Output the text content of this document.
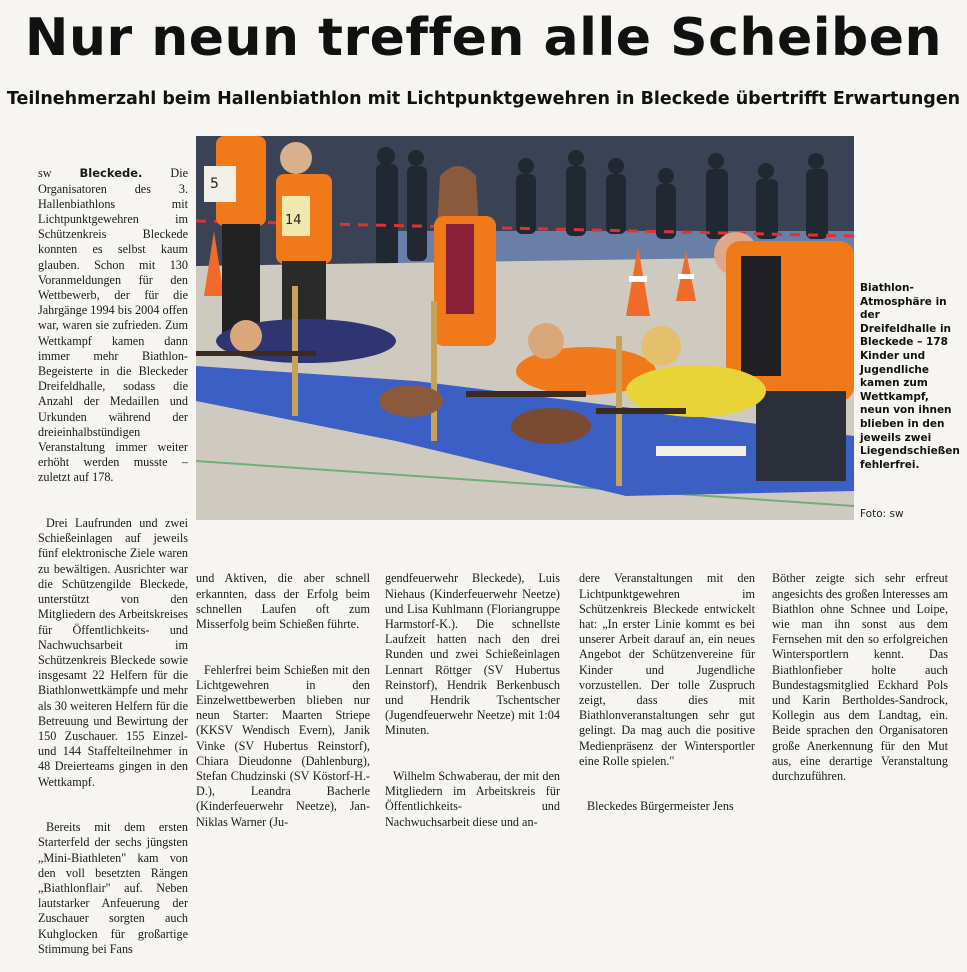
Nur neun treffen alle Scheiben
Teilnehmerzahl beim Hallenbiathlon mit Lichtpunktgewehren in Bleckede übertrifft Erwartungen

sw Bleckede. Die Organisatoren des 3. Hallenbiathlons mit Lichtpunktgewehren im Schützenkreis Bleckede konnten es selbst kaum glauben. Schon mit 130 Voranmeldungen für den Wettbewerb, der für die Jahrgänge 1994 bis 2004 offen war, waren sie zufrieden. Zum Wettkampf kamen dann immer mehr Biathlon-Begeisterte in die Bleckeder Dreifeldhalle, sodass die Anzahl der Medaillen und Urkunden während der dreieinhalbstündigen Veranstaltung immer weiter erhöht werden musste – zuletzt auf 178.

Drei Laufrunden und zwei Schießeinlagen auf jeweils fünf elektronische Ziele waren zu bewältigen. Ausrichter war die Schützengilde Bleckede, unterstützt von den Mitgliedern des Arbeitskreises für Öffentlichkeits- und Nachwuchsarbeit im Schützenkreis Bleckede sowie insgesamt 22 Helfern für die Biathlonwettkämpfe und mehr als 30 weiteren Helfern für die Betreuung und Bewirtung der 150 Zuschauer. 155 Einzel- und 144 Staffelteilnehmer in 48 Dreierteams gingen in den Wettkampf.

Bereits mit dem ersten Starterfeld der sechs jüngsten „Mini-Biathleten" kam von den voll besetzten Rängen „Biathlonflair" auf. Neben lautstarker Anfeuerung der Zuschauer sorgten auch Kuhglocken für großartige Stimmung bei Fans

und Aktiven, die aber schnell erkannten, dass der Erfolg beim schnellen Laufen oft zum Misserfolg beim Schießen führte.

Fehlerfrei beim Schießen mit den Lichtgewehren in den Einzelwettbewerben blieben nur neun Starter: Maarten Striepe (KKSV Wendisch Evern), Janik Vinke (SV Hubertus Reinstorf), Chiara Dieudonne (Dahlenburg), Stefan Chudzinski (SV Köstorf-H.-D.), Leandra Bacherle (Kinderfeuerwehr Neetze), Jan-Niklas Warner (Ju-

gendfeuerwehr Bleckede), Luis Niehaus (Kinderfeuerwehr Neetze) und Lisa Kuhlmann (Floriangruppe Harmstorf-K.). Die schnellste Laufzeit hatten nach den drei Runden und zwei Schießeinlagen Lennart Röttger (SV Hubertus Reinstorf), Hendrik Berkenbusch und Hendrik Tschentscher (Jugendfeuerwehr Neetze) mit 1:04 Minuten.

Wilhelm Schwaberau, der mit den Mitgliedern im Arbeitskreis für Öffentlichkeits- und Nachwuchsarbeit diese und an-

dere Veranstaltungen mit den Lichtpunktgewehren im Schützenkreis Bleckede entwickelt hat: „In erster Linie kommt es bei unserer Arbeit darauf an, ein neues Angebot der Schützenvereine für Kinder und Jugendliche vorzustellen. Der tolle Zuspruch zeigt, dass dies mit Biathlonveranstaltungen sehr gut gelingt. Da mag auch die positive Medienpräsenz der Wintersportler eine Rolle spielen."

Bleckedes Bürgermeister Jens

Böther zeigte sich sehr erfreut angesichts des großen Interesses am Biathlon ohne Schnee und Loipe, wie man ihn sonst aus dem Fernsehen mit den so erfolgreichen Wintersportlern kennt. Das Biathlonfieber holte auch Bundestagsmitglied Eckhard Pols und Karin Bertholdes-Sandrock, Kollegin aus dem Landtag, ein. Beide sprachen den Organisatoren große Anerkennung für den Mut aus, eine derartige Veranstaltung durchzuführen.

5
14
Biathlon-Atmosphäre in der Dreifeldhalle in Bleckede – 178 Kinder und Jugendliche kamen zum Wettkampf, neun von ihnen blieben in den jeweils zwei Liegendschießen fehlerfrei.
Foto: sw
